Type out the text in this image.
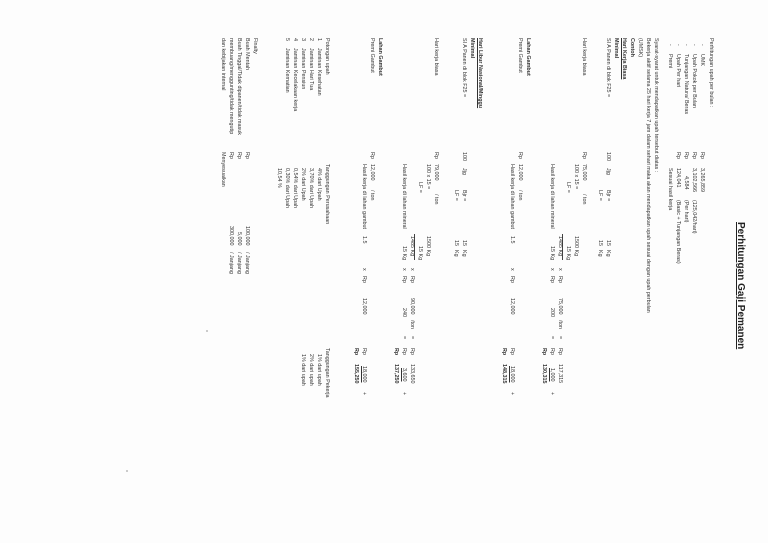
Perhitungan Gaji Pemanen
Perhitungan upah per bulan :
-
UMK
Rp
3,265,859
-
Upah Pokok per Bulan
Rp
3,102,566
(125,042/hari)
-
Tunjangan Natura/ Beras
Rp
4,584
(Per hari)
-
Upah Per hari
Rp
124,041
(Basic + Tunjangan Beras)
-
Premi
Sesuai hasil kerja
Syarat-syarat untuk mendapatkan upah tersebut diatas :
Bekerja aktif selama 25 hari kerja 7 jam dalam sehari maka akan mendapatkan upah sesuai dengan upah perbulan
(UMSK)
Contoh
Hari Kerja Biasa
Minimal
SI A Panen di blok F25 =
100
Jjg
Bjr =
LF =
15
Kg
15
Kg
Hari kerja biasa
Rp
75,000
/ ton
100 x 15 =
LF =
Hasil kerja di lahan mineral
1500 Kg
15 Kg
1485 Kg
15 Kg
x
Rp
75,000
/ton
=
Rp
117,315
x
Rp
200
=
Rp
1,000
+
Rp
130,315
Lahan Gambut
Premi Gambut
Rp
12,000
/ ton
Hasil kerja di lahan gambut
1.5
x
Rp
12,000
Rp
18,000
+
Rp
148,315
Hari Libur Nasional/Minggu
Minimal
SI A Panen di blok F25 =
100
Jjg
Bjr =
LF =
15
Kg
15
Kg
Hari kerja biasa
Rp
79,000
/ ton
100 x 15 =
LF =
Hasil kerja di lahan mineral
1500 Kg
15 Kg
1485 Kg
15 Kg
x
Rp
90,000
/ton
=
Rp
133,650
x
Rp
240
=
Rp
3,600
+
Rp
137,250
Lahan Gambut
Premi Gambut
Rp
12,000
/ ton
Hasil kerja di lahan gambut
1.5
x
Rp
12,000
Rp
18,000
+
Rp
155,250
Potongan upah
1
Jaminan Kesehatan
2
Jaminan Hari Tua
3
Jaminan Pensiun
4
Jaminan Kecelakaan kerja
5
Jaminan Kematian
Tanggungan Perusahaan
4% dari Upah
3,70% dari Upah
2% dari Upah
0,54% dari Upah
0,30% dari Upah
10,54 %
Tanggungan Pekerja
1% dari upah
2% dari upah
1% dari upah
Finalty
Buah Mentah
Rp
100,000
/ Janjang
Buah Tinggal/Tidak dipanen/tidak masuk
Rp
5,000
/ Janjang
membuang/menggunting/tidak mengutip
Rp
300,000
/ Janjang
dan kebijakan internal
Menyesuaikan
